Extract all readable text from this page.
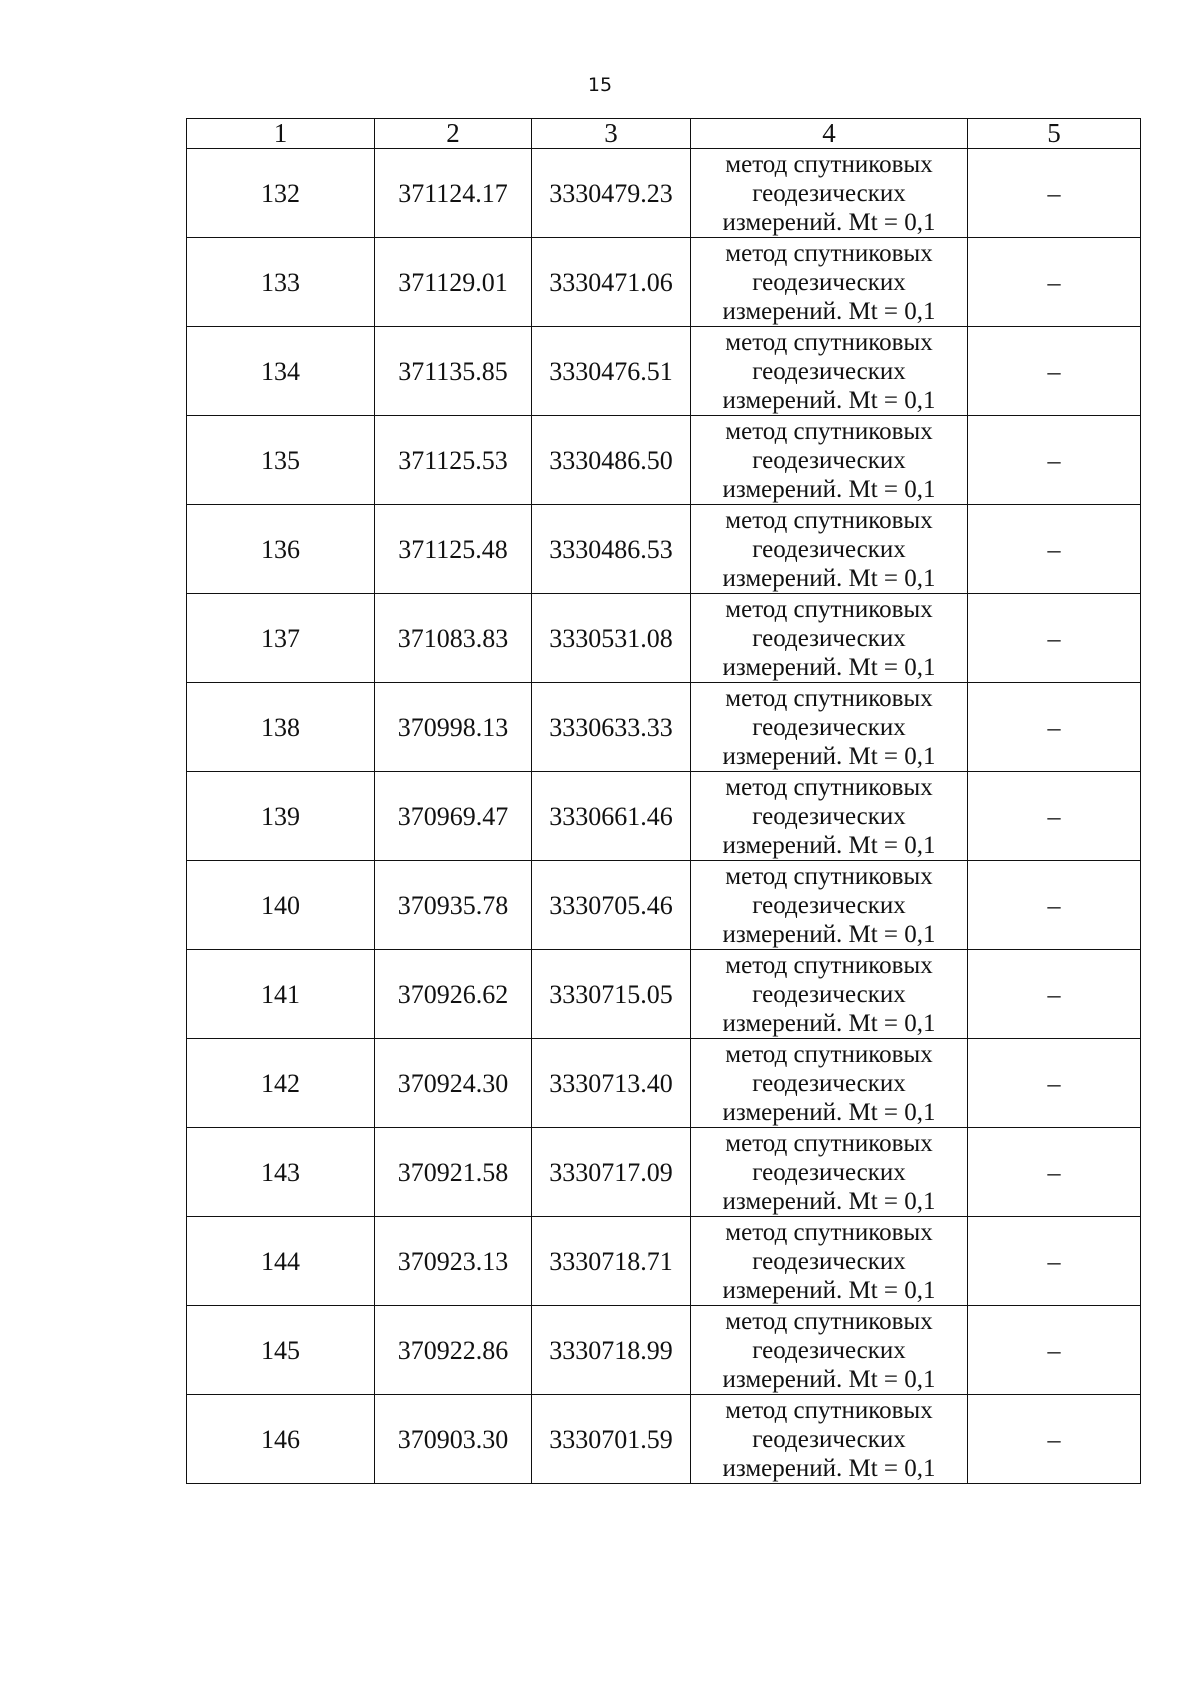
15
1	2	3	4	5
132	371124.17	3330479.23	метод спутниковых геодезических измерений. Mt = 0,1	–
133	371129.01	3330471.06	метод спутниковых геодезических измерений. Mt = 0,1	–
134	371135.85	3330476.51	метод спутниковых геодезических измерений. Mt = 0,1	–
135	371125.53	3330486.50	метод спутниковых геодезических измерений. Mt = 0,1	–
136	371125.48	3330486.53	метод спутниковых геодезических измерений. Mt = 0,1	–
137	371083.83	3330531.08	метод спутниковых геодезических измерений. Mt = 0,1	–
138	370998.13	3330633.33	метод спутниковых геодезических измерений. Mt = 0,1	–
139	370969.47	3330661.46	метод спутниковых геодезических измерений. Mt = 0,1	–
140	370935.78	3330705.46	метод спутниковых геодезических измерений. Mt = 0,1	–
141	370926.62	3330715.05	метод спутниковых геодезических измерений. Mt = 0,1	–
142	370924.30	3330713.40	метод спутниковых геодезических измерений. Mt = 0,1	–
143	370921.58	3330717.09	метод спутниковых геодезических измерений. Mt = 0,1	–
144	370923.13	3330718.71	метод спутниковых геодезических измерений. Mt = 0,1	–
145	370922.86	3330718.99	метод спутниковых геодезических измерений. Mt = 0,1	–
146	370903.30	3330701.59	метод спутниковых геодезических измерений. Mt = 0,1	–
